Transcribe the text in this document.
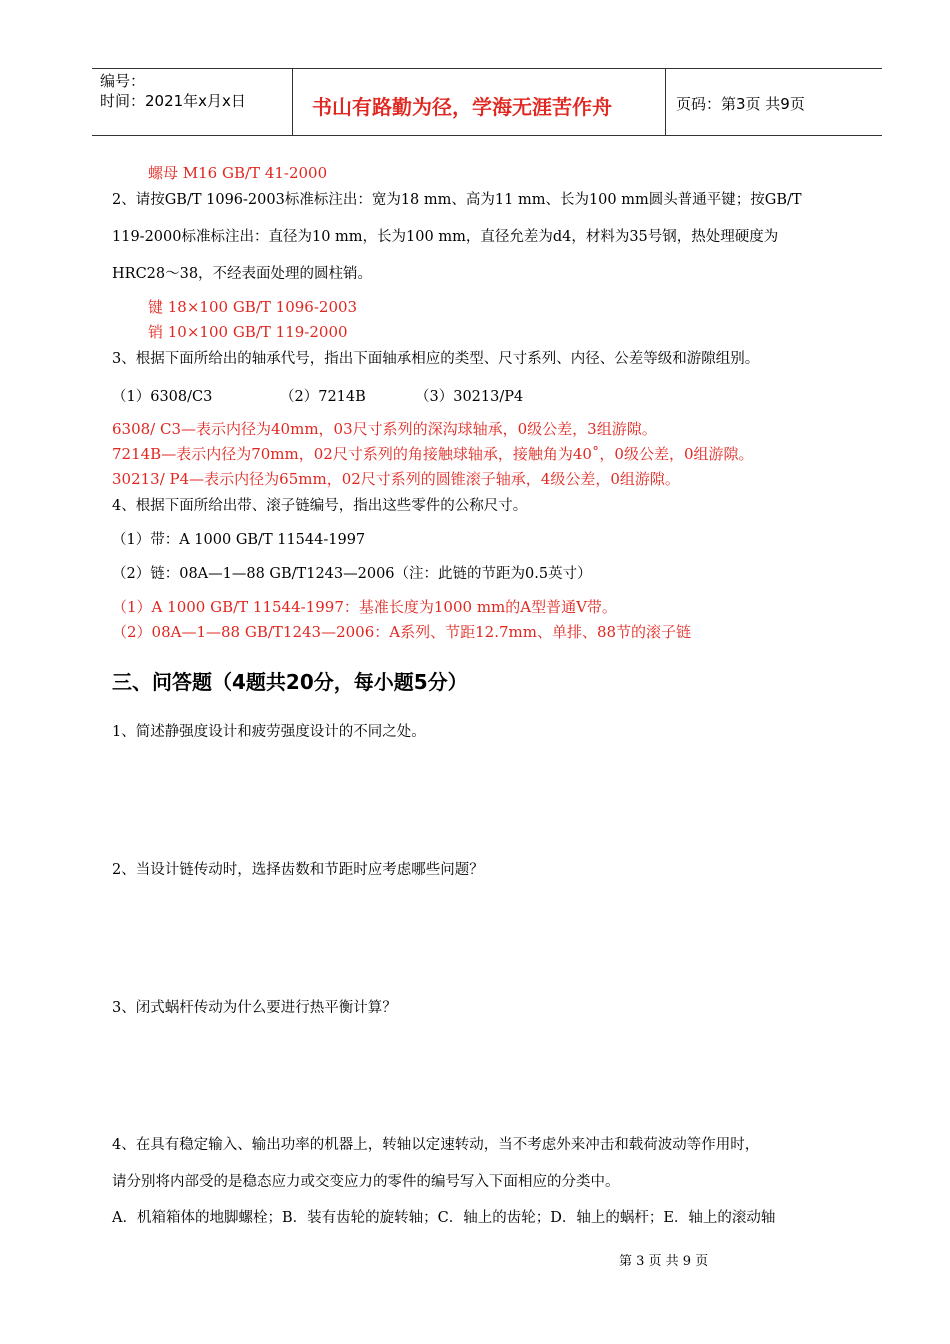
编号：
时间：2021年x月x日	书山有路勤为径，学海无涯苦作舟	页码：第3页 共9页
螺母 M16 GB/T 41-2000
2、请按GB/T 1096-2003标准标注出：宽为18 mm、高为11 mm、长为100 mm圆头普通平键；按GB/T
119-2000标准标注出：直径为10 mm，长为100 mm，直径允差为d4，材料为35号钢，热处理硬度为
HRC28～38，不经表面处理的圆柱销。
键 18×100 GB/T 1096-2003
销 10×100 GB/T 119-2000
3、根据下面所给出的轴承代号，指出下面轴承相应的类型、尺寸系列、内径、公差等级和游隙组别。
（1）6308/C3	（2）7214B	（3）30213/P4
6308/ C3—表示内径为40mm，03尺寸系列的深沟球轴承，0级公差，3组游隙。
7214B—表示内径为70mm，02尺寸系列的角接触球轴承，接触角为40˚，0级公差，0组游隙。
30213/ P4—表示内径为65mm，02尺寸系列的圆锥滚子轴承，4级公差，0组游隙。
4、根据下面所给出带、滚子链编号，指出这些零件的公称尺寸。
（1）带：A 1000 GB/T 11544-1997
（2）链：08A—1—88 GB/T1243—2006（注：此链的节距为0.5英寸）
（1）A 1000 GB/T 11544-1997：基准长度为1000 mm的A型普通V带。
（2）08A—1—88 GB/T1243—2006：A系列、节距12.7mm、单排、88节的滚子链
三、问答题（4题共20分，每小题5分）
1、简述静强度设计和疲劳强度设计的不同之处。
2、当设计链传动时，选择齿数和节距时应考虑哪些问题？
3、闭式蜗杆传动为什么要进行热平衡计算？
4、在具有稳定输入、输出功率的机器上，转轴以定速转动，当不考虑外来冲击和载荷波动等作用时，
请分别将内部受的是稳态应力或交变应力的零件的编号写入下面相应的分类中。
A．机箱箱体的地脚螺栓；B．装有齿轮的旋转轴；C．轴上的齿轮；D．轴上的蜗杆；E．轴上的滚动轴
第 3 页 共 9 页
